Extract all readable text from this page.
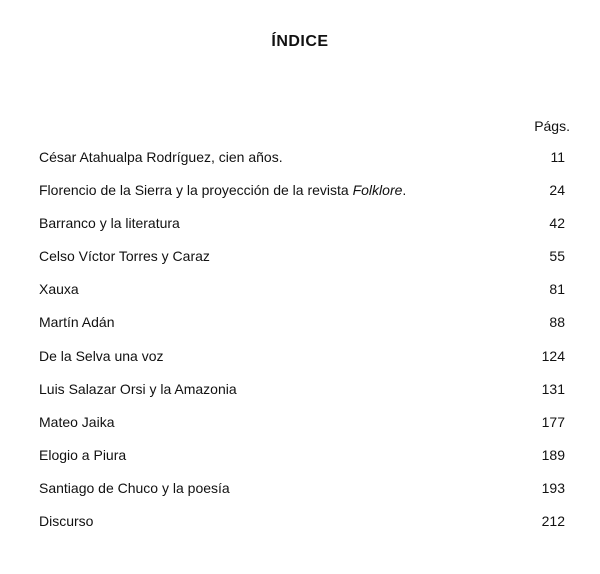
ÍNDICE

Págs.

César Atahualpa Rodríguez, cien años.	11
Florencio de la Sierra y la proyección de la revista Folklore.	24
Barranco y la literatura	42
Celso Víctor Torres y Caraz	55
Xauxa	81
Martín Adán	88
De la Selva una voz	124
Luis Salazar Orsi y la Amazonia	131
Mateo Jaika	177
Elogio a Piura	189
Santiago de Chuco y la poesía	193
Discurso	212
